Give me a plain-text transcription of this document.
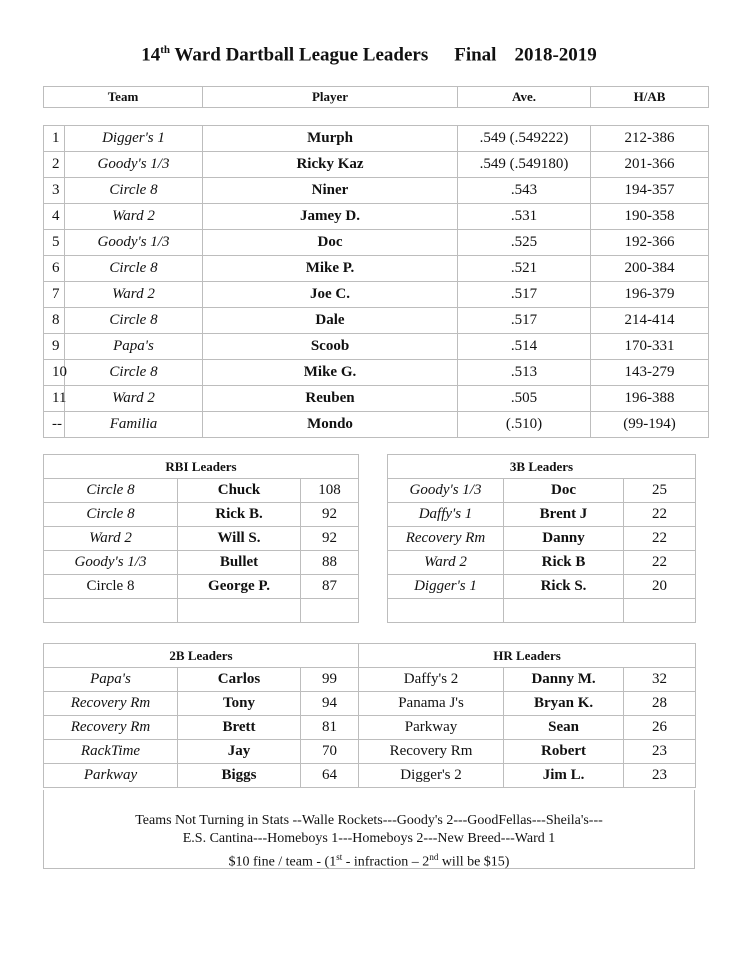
14th Ward Dartball League Leaders Final 2018-2019
Team	Player	Ave.	H/AB
1	Digger's 1	Murph	.549 (.549222)	212-386
2	Goody's 1/3	Ricky Kaz	.549 (.549180)	201-366
3	Circle 8	Niner	.543	194-357
4	Ward 2	Jamey D.	.531	190-358
5	Goody's 1/3	Doc	.525	192-366
6	Circle 8	Mike P.	.521	200-384
7	Ward 2	Joe C.	.517	196-379
8	Circle 8	Dale	.517	214-414
9	Papa's	Scoob	.514	170-331
10	Circle 8	Mike G.	.513	143-279
11	Ward 2	Reuben	.505	196-388
--	Familia	Mondo	(.510)	(99-194)
RBI Leaders				3B Leaders		
Circle 8	Chuck	108		Goody's 1/3	Doc	25
Circle 8	Rick B.	92		Daffy's 1	Brent J	22
Ward 2	Will S.	92		Recovery Rm	Danny	22
Goody's 1/3	Bullet	88		Ward 2	Rick B	22
Circle 8	George P.	87		Digger's 1	Rick S.	20

2B Leaders			HR Leaders		
Papa's	Carlos	99	Daffy's 2	Danny M.	32
Recovery Rm	Tony	94	Panama J's	Bryan K.	28
Recovery Rm	Brett	81	Parkway	Sean	26
RackTime	Jay	70	Recovery Rm	Robert	23
Parkway	Biggs	64	Digger's 2	Jim L.	23
Teams Not Turning in Stats --Walle Rockets---Goody's 2---GoodFellas---Sheila's---
E.S. Cantina---Homeboys 1---Homeboys 2---New Breed---Ward 1
$10 fine / team - (1st - infraction – 2nd will be $15)
